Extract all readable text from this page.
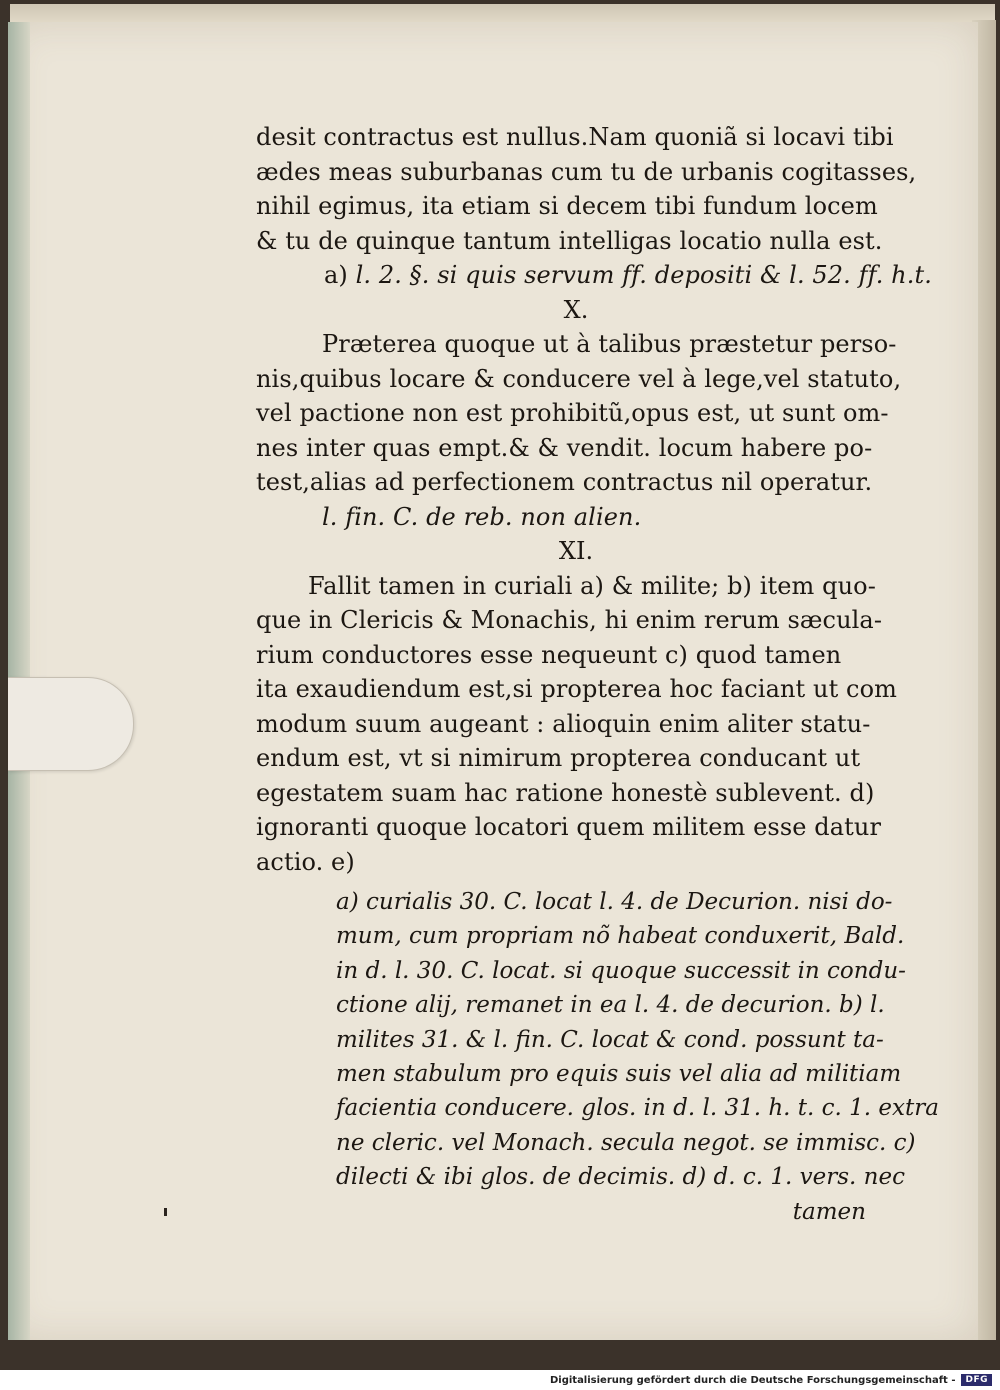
desit contractus est nullus.Nam quoniã si locavi tibi

ædes meas suburbanas cum tu de urbanis cogitasses,

nihil egimus, ita etiam si decem tibi fundum locem

& tu de quinque tantum intelligas locatio nulla est.

a) l. 2. §. si quis servum ff. depositi & l. 52. ff. h.t.

X.

Præterea quoque ut à talibus præstetur perso-

nis,quibus locare & conducere vel à lege,vel statuto,

vel pactione non est prohibitũ,opus est, ut sunt om-

nes inter quas empt.& & vendit. locum habere po-

test,alias ad perfectionem contractus nil operatur.

l. fin. C. de reb. non alien.

XI.

Fallit tamen in curiali a) & milite; b) item quo-

que in Clericis & Monachis, hi enim rerum sæcula-

rium conductores esse nequeunt c) quod tamen

ita exaudiendum est,si propterea hoc faciant ut com

modum suum augeant : alioquin enim aliter statu-

endum est, vt si nimirum propterea conducant ut

egestatem suam hac ratione honestè sublevent. d)

ignoranti quoque locatori quem militem esse datur

actio. e)

a) curialis 30. C. locat l. 4. de Decurion. nisi do-

mum, cum propriam nõ habeat conduxerit, Bald.

in d. l. 30. C. locat. si quoque successit in condu-

ctione alij, remanet in ea l. 4. de decurion. b) l.

milites 31. & l. fin. C. locat & cond. possunt ta-

men stabulum pro equis suis vel alia ad militiam

facientia conducere. glos. in d. l. 31. h. t. c. 1. extra

ne cleric. vel Monach. secula negot. se immisc. c)

dilecti & ibi glos. de decimis. d) d. c. 1. vers. nec

tamen

Digitalisierung gefördert durch die Deutsche Forschungsgemeinschaft -	DFG
